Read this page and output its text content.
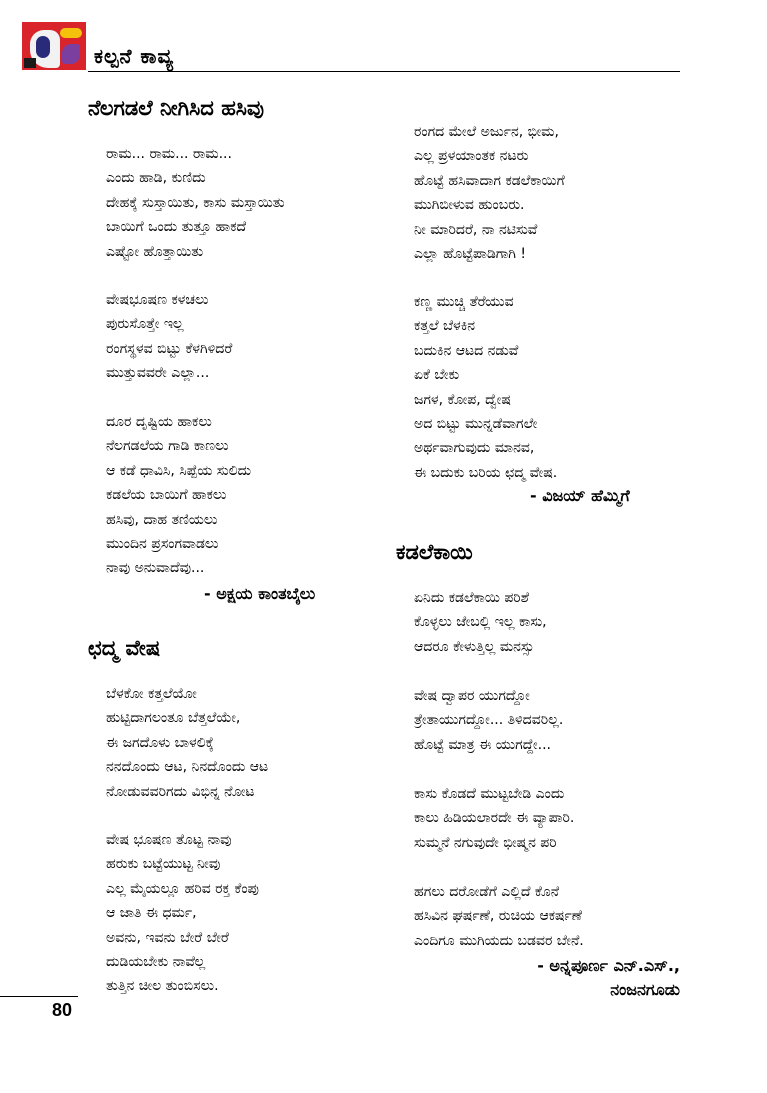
ಕಲ್ಪನೆ ಕಾವ್ಯ
ನೆಲಗಡಲೆ ನೀಗಿಸಿದ ಹಸಿವು
ರಾಮ... ರಾಮ... ರಾಮ...
ಎಂದು ಹಾಡಿ, ಕುಣಿದು
ದೇಹಕ್ಕೆ ಸುಸ್ತಾಯಿತು, ಕಾಸು ಮಸ್ತಾಯಿತು
ಬಾಯಿಗೆ ಒಂದು ತುತ್ತೂ ಹಾಕದೆ
ಎಷ್ಟೋ ಹೊತ್ತಾಯಿತು
ವೇಷಭೂಷಣ ಕಳಚಲು
ಪುರುಸೊತ್ತೇ ಇಲ್ಲ
ರಂಗಸ್ಥಳವ ಬಿಟ್ಟು ಕೆಳಗಿಳಿದರೆ
ಮುತ್ತುವವರೇ ಎಲ್ಲಾ...
ದೂರ ದೃಷ್ಟಿಯ ಹಾಕಲು
ನೆಲಗಡಲೆಯ ಗಾಡಿ ಕಾಣಲು
ಆ ಕಡೆ ಧಾವಿಸಿ, ಸಿಪ್ಪೆಯ ಸುಲಿದು
ಕಡಲೆಯ ಬಾಯಿಗೆ ಹಾಕಲು
ಹಸಿವು, ದಾಹ ತಣಿಯಲು
ಮುಂದಿನ ಪ್ರಸಂಗವಾಡಲು
ನಾವು ಅನುವಾದೆವು...
- ಅಕ್ಷಯ ಕಾಂತಬೈಲು
ಛದ್ಮ ವೇಷ
ಬೆಳಕೋ ಕತ್ತಲೆಯೋ
ಹುಟ್ಟಿದಾಗಲಂತೂ ಬೆತ್ತಲೆಯೇ,
ಈ ಜಗದೊಳು ಬಾಳಲಿಕ್ಕೆ
ನನದೊಂದು ಆಟ, ನಿನದೊಂದು ಆಟ
ನೋಡುವವರಿಗದು ವಿಭಿನ್ನ ನೋಟ
ವೇಷ ಭೂಷಣ ತೊಟ್ಟ ನಾವು
ಹರುಕು ಬಟ್ಟೆಯುಟ್ಟ ನೀವು
ಎಲ್ಲ ಮೈಯಲ್ಲೂ ಹರಿವ ರಕ್ತ ಕೆಂಪು
ಆ ಜಾತಿ ಈ ಧರ್ಮ,
ಅವನು, ಇವನು ಬೇರೆ ಬೇರೆ
ದುಡಿಯಬೇಕು ನಾವೆಲ್ಲ
ತುತ್ತಿನ ಚೀಲ ತುಂಬಿಸಲು.
ರಂಗದ ಮೇಲೆ ಅರ್ಜುನ, ಭೀಮ,
ಎಲ್ಲ ಪ್ರಳಯಾಂತಕ ನಟರು
ಹೊಟ್ಟೆ ಹಸಿವಾದಾಗ ಕಡಲೆಕಾಯಿಗೆ
ಮುಗಿಬೀಳುವ ಹುಂಬರು.
ನೀ ಮಾರಿದರೆ, ನಾ ನಟಿಸುವೆ
ಎಲ್ಲಾ ಹೊಟ್ಟೆಪಾಡಿಗಾಗಿ !
ಕಣ್ಣ ಮುಚ್ಚಿ ತೆರೆಯುವ
ಕತ್ತಲೆ ಬೆಳಕಿನ
ಬದುಕಿನ ಆಟದ ನಡುವೆ
ಏಕೆ ಬೇಕು
ಜಗಳ, ಕೋಪ, ದ್ವೇಷ
ಅದ ಬಿಟ್ಟು ಮುನ್ನಡೆವಾಗಲೇ
ಅರ್ಥವಾಗುವುದು ಮಾನವ,
ಈ ಬದುಕು ಬರಿಯ ಛದ್ಮ ವೇಷ.
- ವಿಜಯ್ ಹೆಮ್ಮಿಗೆ
ಕಡಲೆಕಾಯಿ
ಏನಿದು ಕಡಲೆಕಾಯಿ ಪರಿಶೆ
ಕೊಳ್ಳಲು ಜೇಬಲ್ಲಿ ಇಲ್ಲ ಕಾಸು,
ಆದರೂ ಕೇಳುತ್ತಿಲ್ಲ ಮನಸ್ಸು
ವೇಷ ದ್ವಾಪರ ಯುಗದ್ದೋ
ತ್ರೇತಾಯುಗದ್ದೋ... ತಿಳಿದವರಿಲ್ಲ.
ಹೊಟ್ಟೆ ಮಾತ್ರ ಈ ಯುಗದ್ದೇ...
ಕಾಸು ಕೊಡದೆ ಮುಟ್ಟಬೇಡಿ ಎಂದು
ಕಾಲು ಹಿಡಿಯಲಾರದೇ ಈ ವ್ಯಾಪಾರಿ.
ಸುಮ್ಮನೆ ನಗುವುದೇ ಭೀಷ್ಮನ ಪರಿ
ಹಗಲು ದರೋಡೆಗೆ ಎಲ್ಲಿದೆ ಕೊನೆ
ಹಸಿವಿನ ಘರ್ಷಣೆ, ರುಚಿಯ ಆಕರ್ಷಣೆ
ಎಂದಿಗೂ ಮುಗಿಯದು ಬಡವರ ಬೇನೆ.
- ಅನ್ನಪೂರ್ಣ ಎನ್.ಎಸ್.,
ನಂಜನಗೂಡು
80
